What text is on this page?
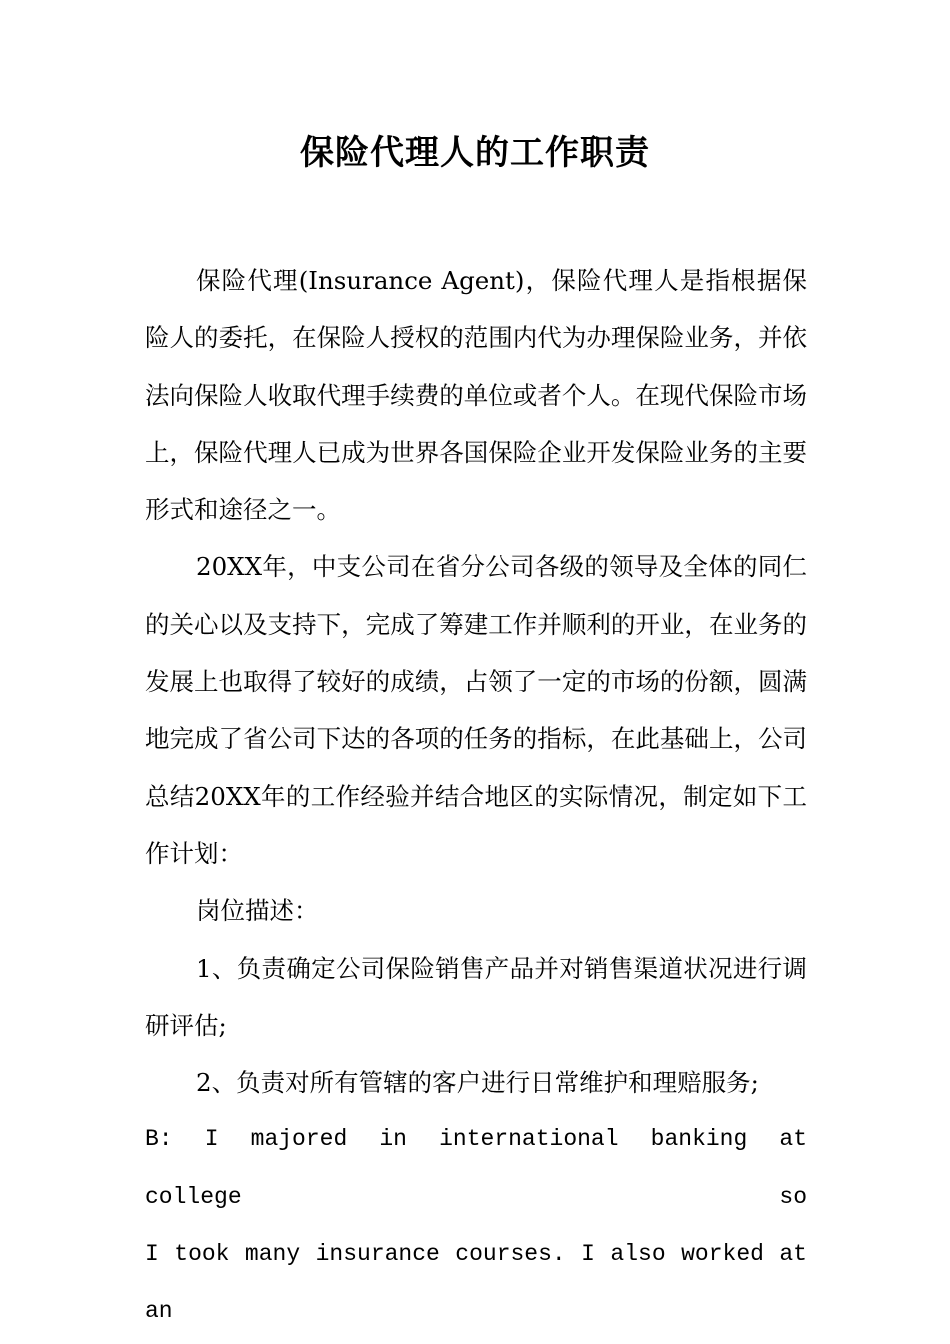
保险代理人的工作职责

保险代理(Insurance Agent)，保险代理人是指根据保险人的委托，在保险人授权的范围内代为办理保险业务，并依法向保险人收取代理手续费的单位或者个人。在现代保险市场上，保险代理人已成为世界各国保险企业开发保险业务的主要形式和途径之一。

20XX年，中支公司在省分公司各级的领导及全体的同仁的关心以及支持下，完成了筹建工作并顺利的开业，在业务的发展上也取得了较好的成绩，占领了一定的市场的份额，圆满地完成了省公司下达的各项的任务的指标，在此基础上，公司总结20XX年的工作经验并结合地区的实际情况，制定如下工作计划：

岗位描述：

1、负责确定公司保险销售产品并对销售渠道状况进行调研评估;

2、负责对所有管辖的客户进行日常维护和理赔服务;

B: I majored in international banking at college so

I took many insurance courses. I also worked at an
